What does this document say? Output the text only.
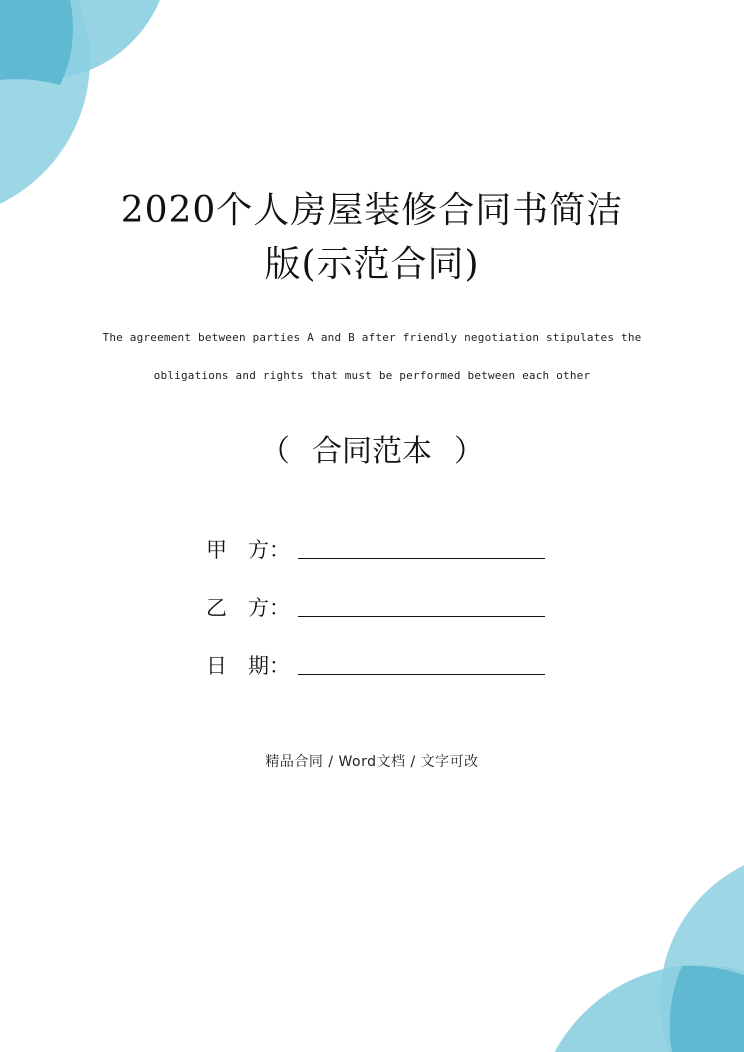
2020个人房屋装修合同书简洁
版(示范合同)
The agreement between parties A and B after friendly negotiation stipulates the
obligations and rights that must be performed between each other
（ 合同范本 ）
甲　方：
乙　方：
日　期：
精品合同 / Word文档 / 文字可改
